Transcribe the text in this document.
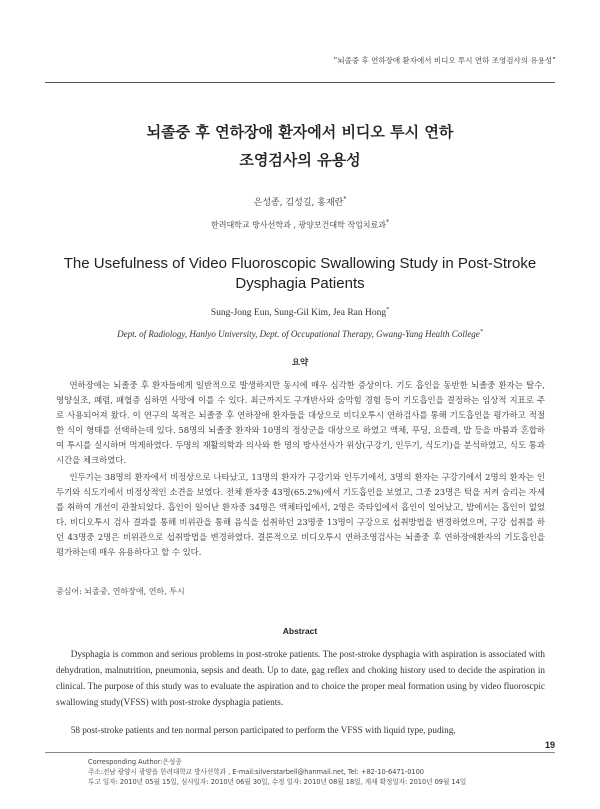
“뇌졸중 후 연하장애 환자에서 비디오 투시 연하 조영검사의 유용성”
뇌졸중 후 연하장애 환자에서 비디오 투시 연하
조영검사의 유용성
은성종, 김성길, 홍재란*
한려대학교 방사선학과 , 광양보건대학 작업치료과*
The Usefulness of Video Fluoroscopic Swallowing Study in Post-Stroke
Dysphagia Patients
Sung-Jong Eun, Sung-Gil Kim, Jea Ran Hong*
Dept. of Radiology, Hanlyo University, Dept. of Occupational Therapy, Gwang-Yang Health College*
요약

연하장애는 뇌졸중 후 환자들에게 일반적으로 발생하지만 동시에 매우 심각한 증상이다. 기도 흡인을 동반한 뇌졸중 환자는 탈수, 영양실조, 폐렴, 패혈증 심하면 사망에 이를 수 있다. 최근까지도 구개반사와 숨막힘 경험 등이 기도흡인을 결정하는 임상적 지표로 주로 사용되어져 왔다. 이 연구의 목적은 뇌졸중 후 연하장애 환자들을 대상으로 비디오투시 연하검사를 통해 기도흡인을 평가하고 적절한 식이 형태를 선택하는데 있다. 58명의 뇌졸중 환자와 10명의 정상군을 대상으로 하였고 액체, 푸딩, 요플레, 밥 등을 바륨과 혼합하여 투시를 실시하며 먹게하였다. 두명의 재활의학과 의사와 한 명의 방사선사가 위상(구강기, 인두기, 식도기)을 분석하였고, 식도 통과시간을 체크하였다.

인두기는 38명의 환자에서 비정상으로 나타났고, 13명의 환자가 구강기와 인두기에서, 3명의 환자는 구강기에서 2명의 환자는 인두기와 식도기에서 비정상적인 소견을 보였다. 전체 환자중 43명(65.2%)에서 기도흡인을 보였고, 그중 23명은 턱을 저켜 숨리는 자세를 취하여 개선이 관찰되었다. 흡인이 일어난 환자중 34명은 액체타입에서, 2명은 죽타입에서 흡인이 일어났고, 밥에서는 흡인이 없었다. 비디오투시 검사 결과를 통해 비위관을 통해 음식을 섭취하던 23명중 13명이 구강으로 섭취방법을 변경하였으며, 구강 섭취를 하던 43명중 2명은 비위관으로 섭취방법을 변경하였다. 결론적으로 비디오투시 연하조영검사는 뇌졸중 후 연하장애환자의 기도흡인을 평가하는데 매우 유용하다고 할 수 있다.

중심어: 뇌졸중, 연하장애, 연하, 투시
Abstract

Dysphagia is common and serious problems in post-stroke patients. The post-stroke dysphagia with aspiration is associated with dehydration, malnutrition, pneumonia, sepsis and death. Up to date, gag reflex and choking history used to decide the aspiration in clinical. The purpose of this study was to evaluate the aspiration and to choice the proper meal formation using by video fluoroscpic swallowing study(VFSS) with post-stroke dysphagia patients.

58 post-stroke patients and ten normal person participated to perform the VFSS with liquid type, puding,

19
Corresponding Author:은성종
주소:전남 광양시 광양읍 한려대학교 방사선학과 , E-mail:silverstarbell@hanmail.net, Tel: +82-10-6471-0100
투고 일자: 2010년 05월 15일, 심사일자: 2010년 06월 30일, 수정 일자: 2010년 08월 18일, 게재 확정일자: 2010년 09월 14일
